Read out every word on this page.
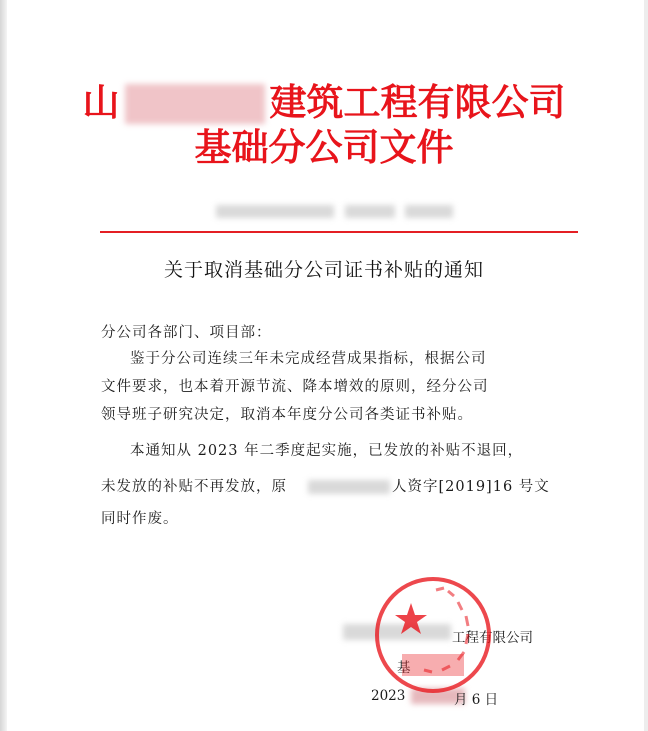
山	建筑工程有限公司
基础分公司文件
关于取消基础分公司证书补贴的通知
分公司各部门、项目部：
鉴于分公司连续三年未完成经营成果指标，根据公司
文件要求，也本着开源节流、降本增效的原则，经分公司
领导班子研究决定，取消本年度分公司各类证书补贴。
本通知从 2023 年二季度起实施，已发放的补贴不退回，
未发放的补贴不再发放，原	人资字[2019]16 号文
同时作废。
工程有限公司
基
2023	月 6 日
